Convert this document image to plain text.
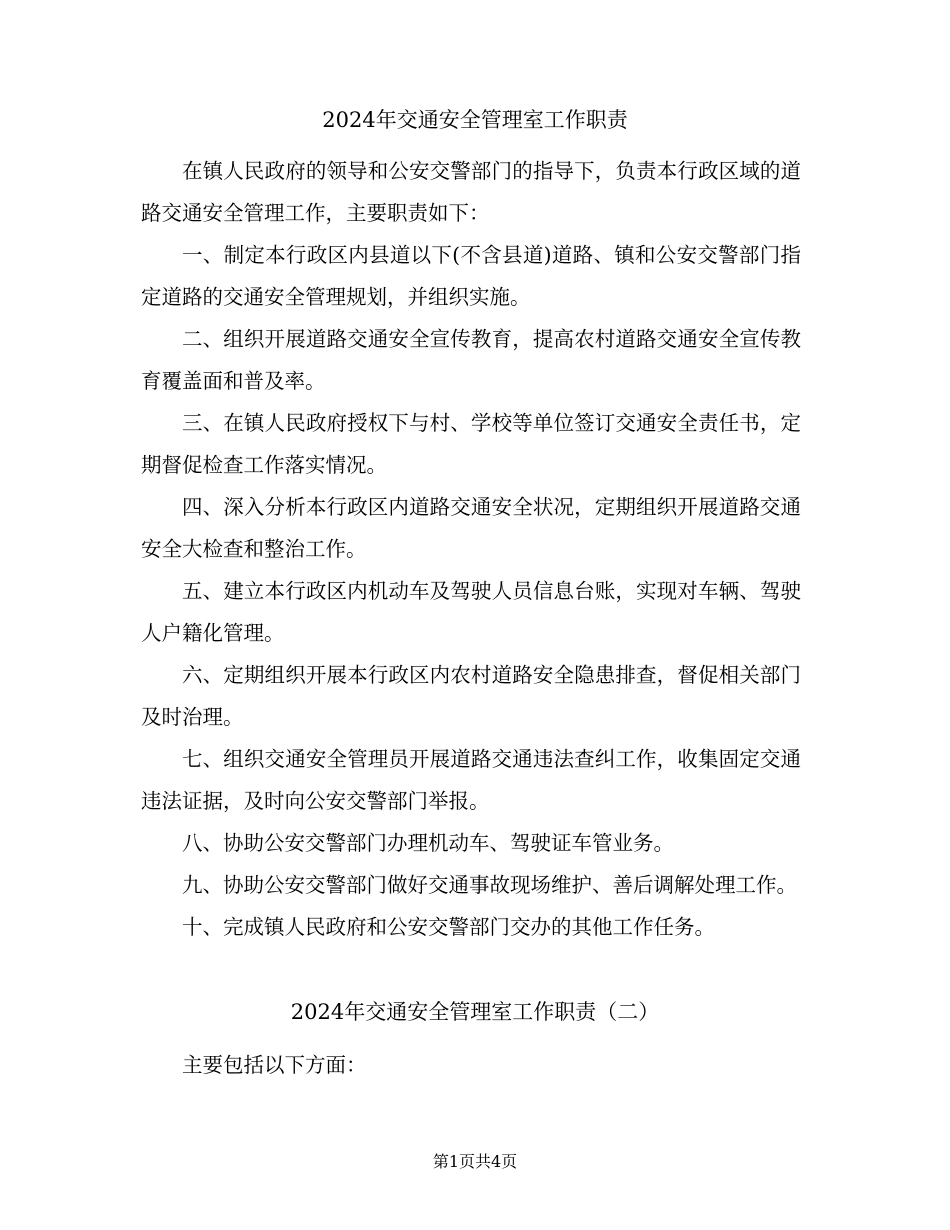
2024年交通安全管理室工作职责

在镇人民政府的领导和公安交警部门的指导下，负责本行政区域的道路交通安全管理工作，主要职责如下：

一、制定本行政区内县道以下(不含县道)道路、镇和公安交警部门指定道路的交通安全管理规划，并组织实施。

二、组织开展道路交通安全宣传教育，提高农村道路交通安全宣传教育覆盖面和普及率。

三、在镇人民政府授权下与村、学校等单位签订交通安全责任书，定期督促检查工作落实情况。

四、深入分析本行政区内道路交通安全状况，定期组织开展道路交通安全大检查和整治工作。

五、建立本行政区内机动车及驾驶人员信息台账，实现对车辆、驾驶人户籍化管理。

六、定期组织开展本行政区内农村道路安全隐患排查，督促相关部门及时治理。

七、组织交通安全管理员开展道路交通违法查纠工作，收集固定交通违法证据，及时向公安交警部门举报。

八、协助公安交警部门办理机动车、驾驶证车管业务。

九、协助公安交警部门做好交通事故现场维护、善后调解处理工作。

十、完成镇人民政府和公安交警部门交办的其他工作任务。

2024年交通安全管理室工作职责（二）

主要包括以下方面：

第1页共4页
